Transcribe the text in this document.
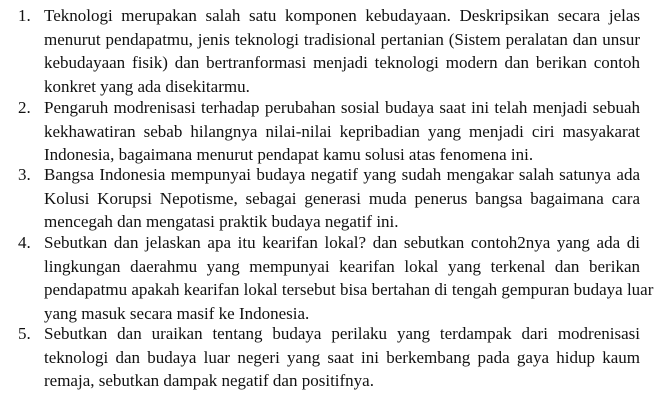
1. Teknologi merupakan salah satu komponen kebudayaan. Deskripsikan secara jelas
menurut pendapatmu, jenis teknologi tradisional pertanian (Sistem peralatan dan unsur
kebudayaan fisik) dan bertranformasi menjadi teknologi modern dan berikan contoh
konkret yang ada disekitarmu.
2. Pengaruh modrenisasi terhadap perubahan sosial budaya saat ini telah menjadi sebuah
kekhawatiran sebab hilangnya nilai-nilai kepribadian yang menjadi ciri masyakarat
Indonesia, bagaimana menurut pendapat kamu solusi atas fenomena ini.
3. Bangsa Indonesia mempunyai budaya negatif yang sudah mengakar salah satunya ada
Kolusi Korupsi Nepotisme, sebagai generasi muda penerus bangsa bagaimana cara
mencegah dan mengatasi praktik budaya negatif ini.
4. Sebutkan dan jelaskan apa itu kearifan lokal? dan sebutkan contoh2nya yang ada di
lingkungan daerahmu yang mempunyai kearifan lokal yang terkenal dan berikan
pendapatmu apakah kearifan lokal tersebut bisa bertahan di tengah gempuran budaya luar
yang masuk secara masif ke Indonesia.
5. Sebutkan dan uraikan tentang budaya perilaku yang terdampak dari modrenisasi
teknologi dan budaya luar negeri yang saat ini berkembang pada gaya hidup kaum
remaja, sebutkan dampak negatif dan positifnya.
